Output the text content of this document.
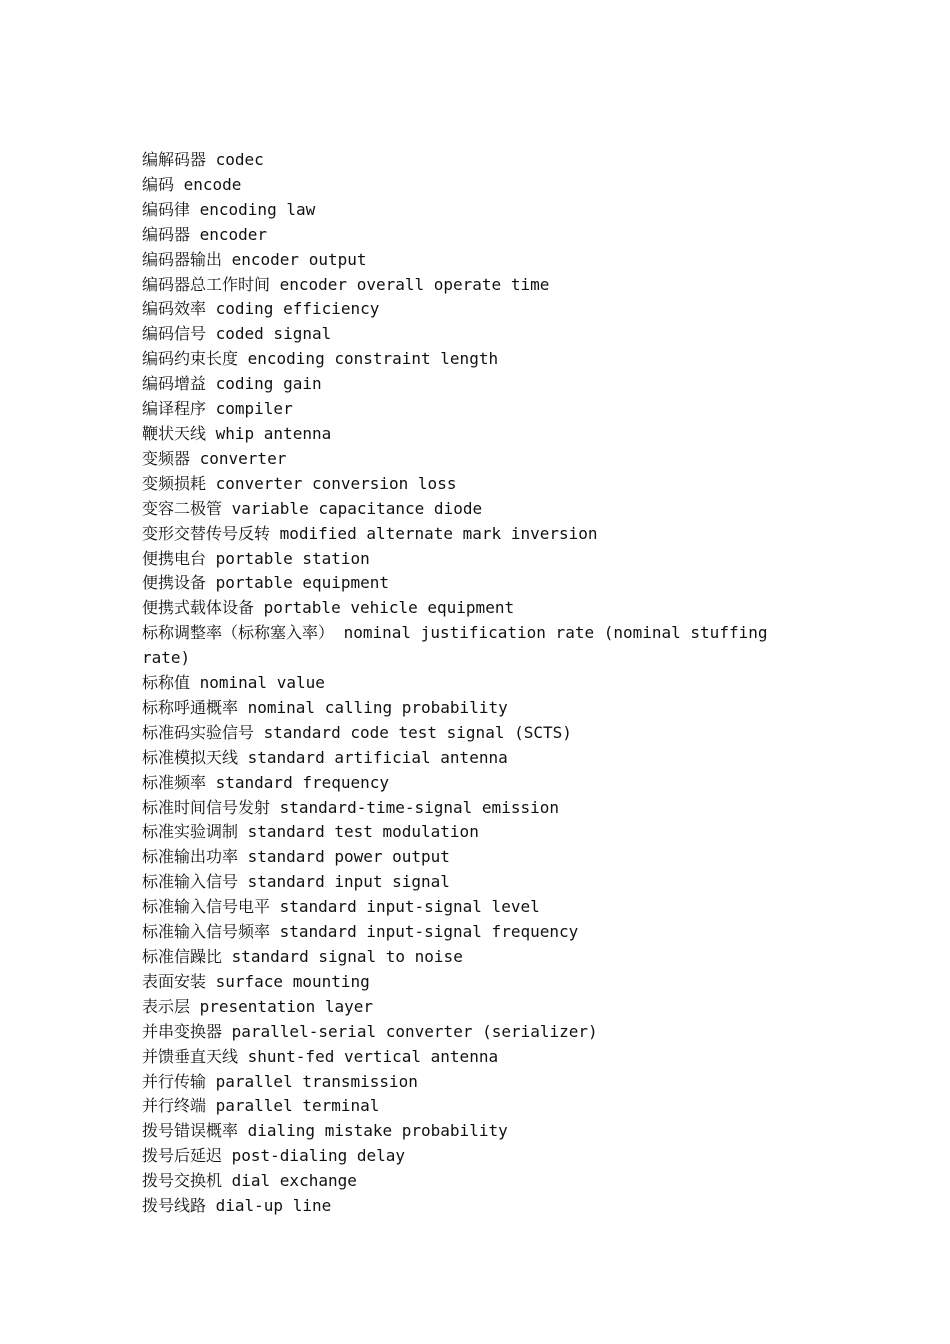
编解码器 codec

编码 encode

编码律 encoding law

编码器 encoder

编码器输出 encoder output

编码器总工作时间 encoder overall operate time

编码效率 coding efficiency

编码信号 coded signal

编码约束长度 encoding constraint length

编码增益 coding gain

编译程序 compiler

鞭状天线 whip antenna

变频器 converter

变频损耗 converter conversion loss

变容二极管 variable capacitance diode

变形交替传号反转 modified alternate mark inversion

便携电台 portable station

便携设备 portable equipment

便携式载体设备 portable vehicle equipment

标称调整率（标称塞入率） nominal justification rate (nominal stuffing rate)

标称值 nominal value

标称呼通概率 nominal calling probability

标准码实验信号 standard code test signal (SCTS)

标准模拟天线 standard artificial antenna

标准频率 standard frequency

标准时间信号发射 standard-time-signal emission

标准实验调制 standard test modulation

标准输出功率 standard power output

标准输入信号 standard input signal

标准输入信号电平 standard input-signal level

标准输入信号频率 standard input-signal frequency

标准信躁比 standard signal to noise

表面安装 surface mounting

表示层 presentation layer

并串变换器 parallel-serial converter (serializer)

并馈垂直天线 shunt-fed vertical antenna

并行传输 parallel transmission

并行终端 parallel terminal

拨号错误概率 dialing mistake probability

拨号后延迟 post-dialing delay

拨号交换机 dial exchange

拨号线路 dial-up line
